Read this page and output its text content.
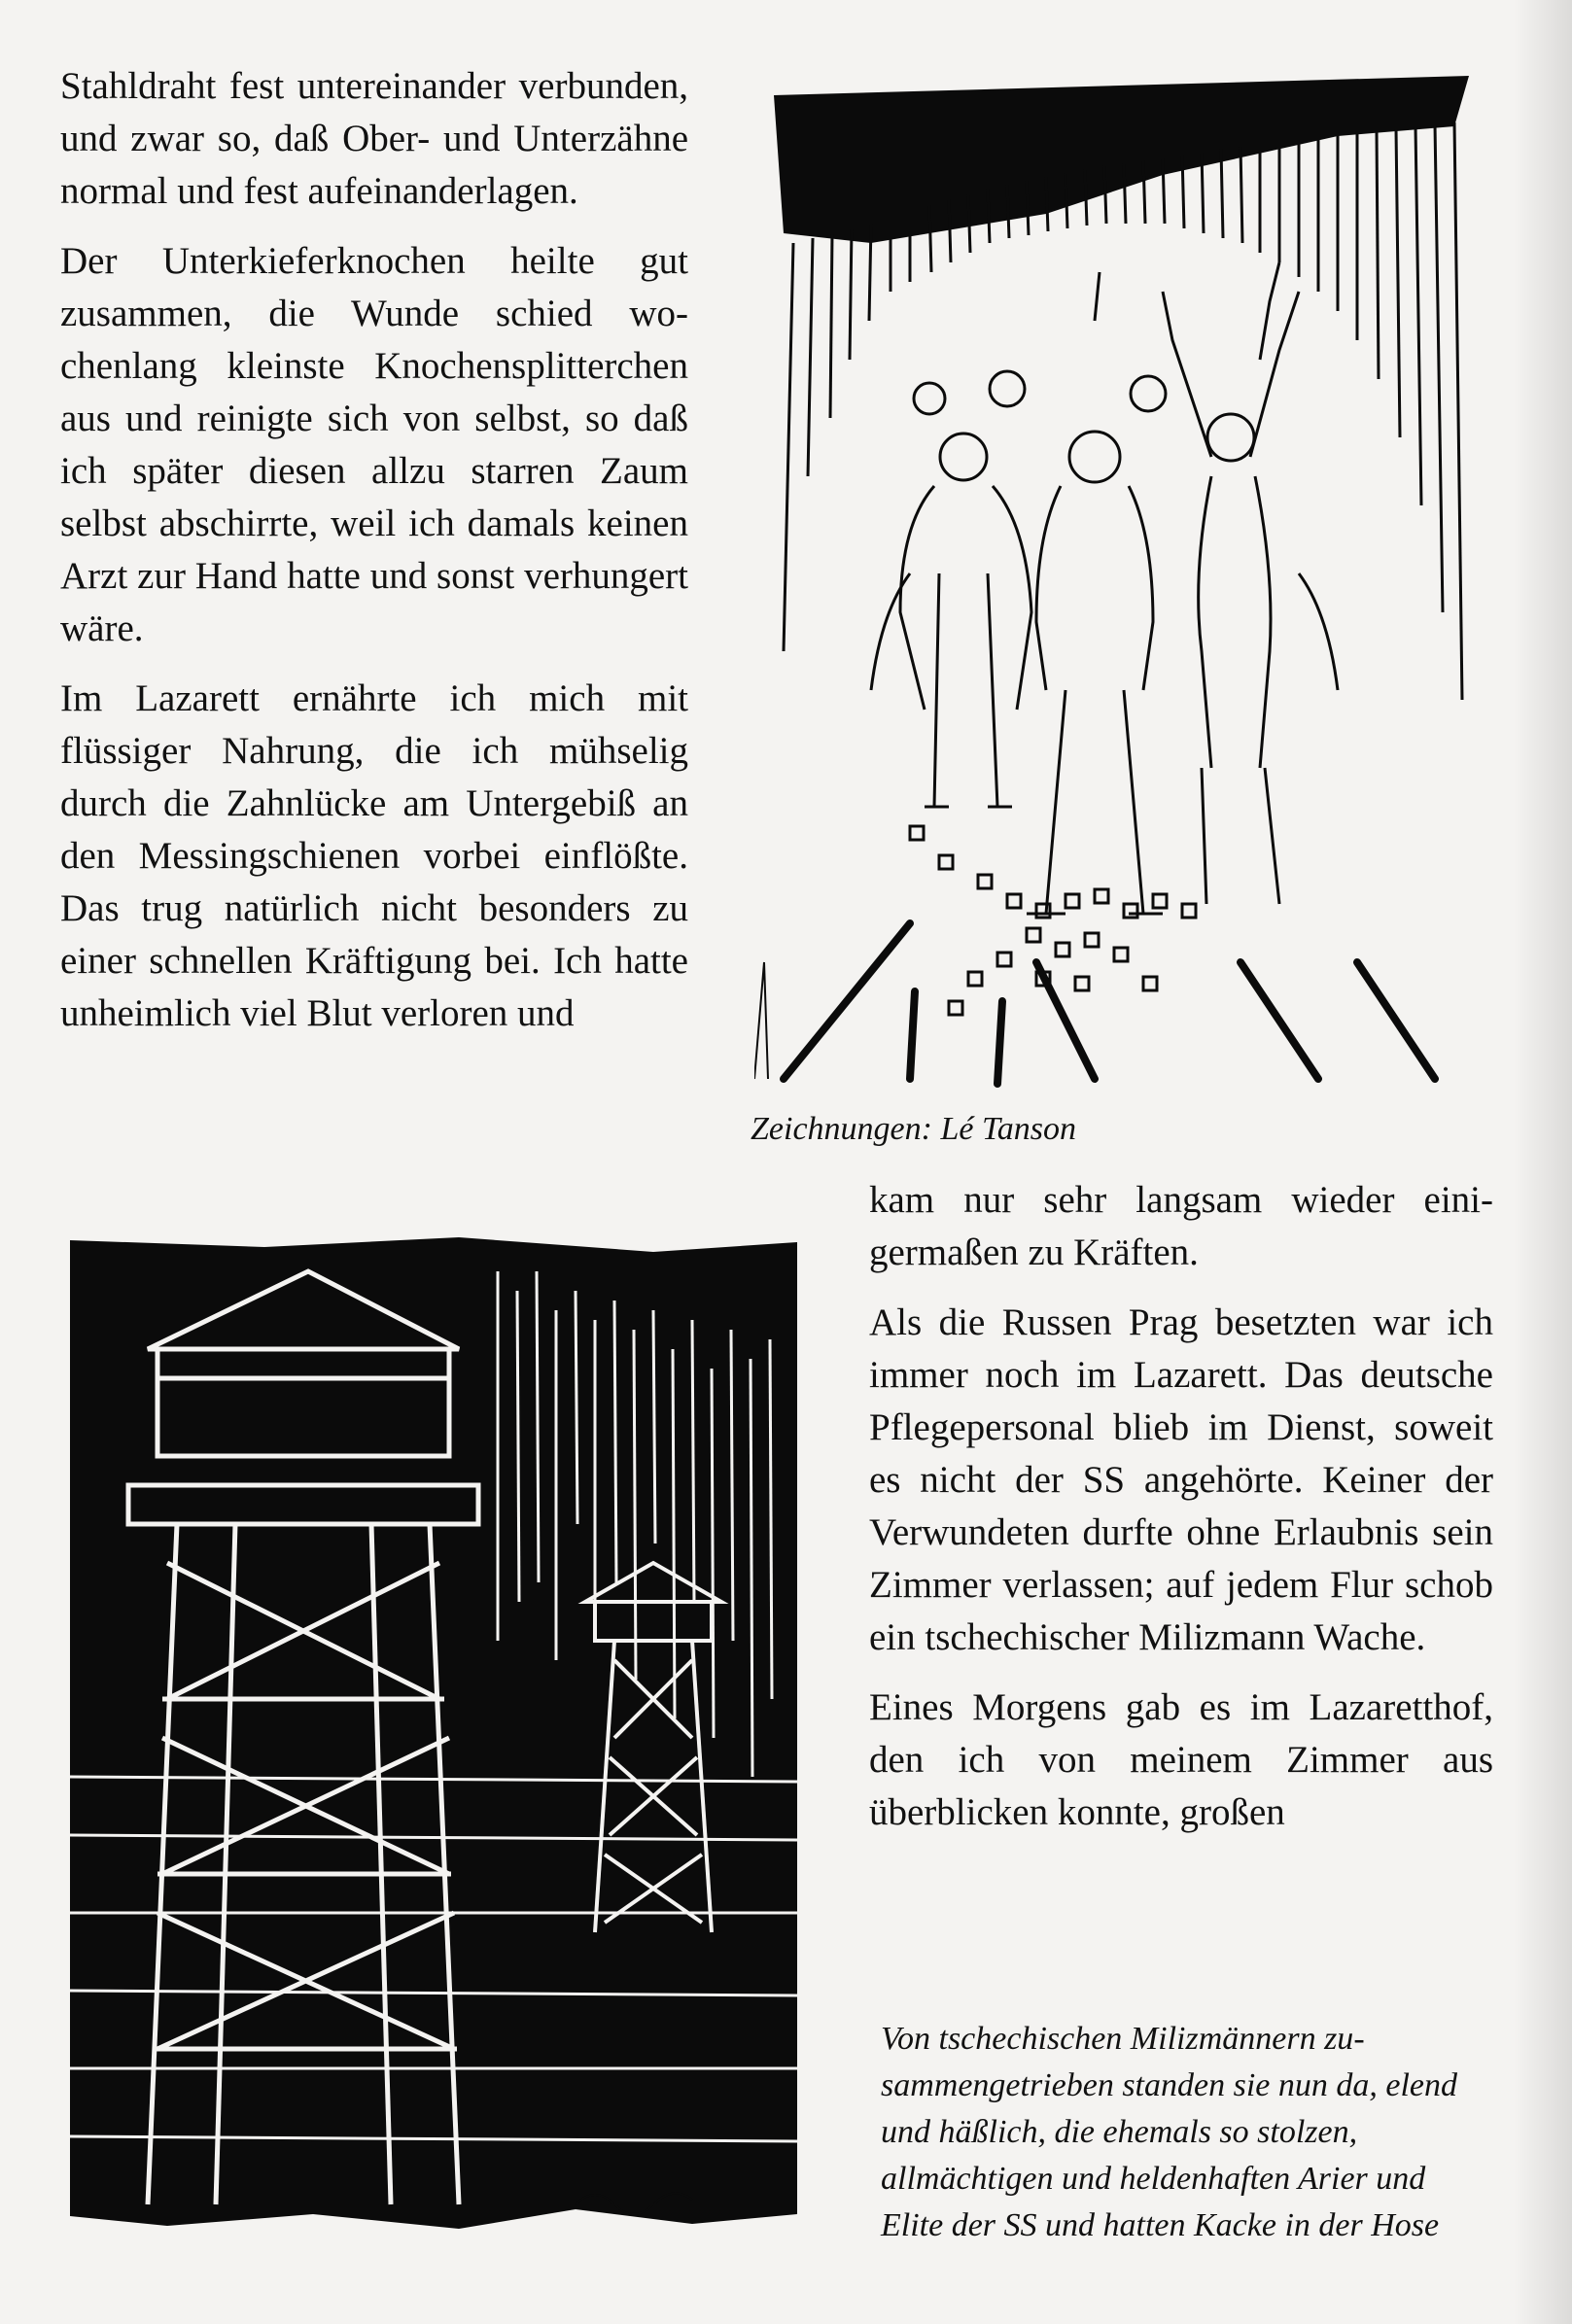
Stahldraht fest untereinander verbunden, und zwar so, daß Ober- und Unterzähne normal und fest aufeinanderlagen.

Der Unterkieferknochen heilte gut zusammen, die Wunde schied wochenlang kleinste Knochensplitterchen aus und reinigte sich von selbst, so daß ich später diesen allzu starren Zaum selbst abschirrte, weil ich damals keinen Arzt zur Hand hatte und sonst verhungert wäre.

Im Lazarett ernährte ich mich mit flüssiger Nahrung, die ich mühselig durch die Zahnlücke am Untergebiß an den Messingschienen vorbei einflößte. Das trug natürlich nicht besonders zu einer schnellen Kräftigung bei. Ich hatte unheimlich viel Blut verloren und

Zeichnungen: Lé Tanson

kam nur sehr langsam wieder einigermaßen zu Kräften.

Als die Russen Prag besetzten war ich immer noch im Lazarett. Das deutsche Pflegepersonal blieb im Dienst, soweit es nicht der SS angehörte. Keiner der Verwundeten durfte ohne Erlaubnis sein Zimmer verlassen; auf jedem Flur schob ein tschechischer Milizmann Wache.

Eines Morgens gab es im Lazaretthof, den ich von meinem Zimmer aus überblicken konnte, großen

Von tschechischen Milizmännern zusammengetrieben standen sie nun da, elend und häßlich, die ehemals so stolzen, allmächtigen und heldenhaften Arier und Elite der SS und hatten Kacke in der Hose
